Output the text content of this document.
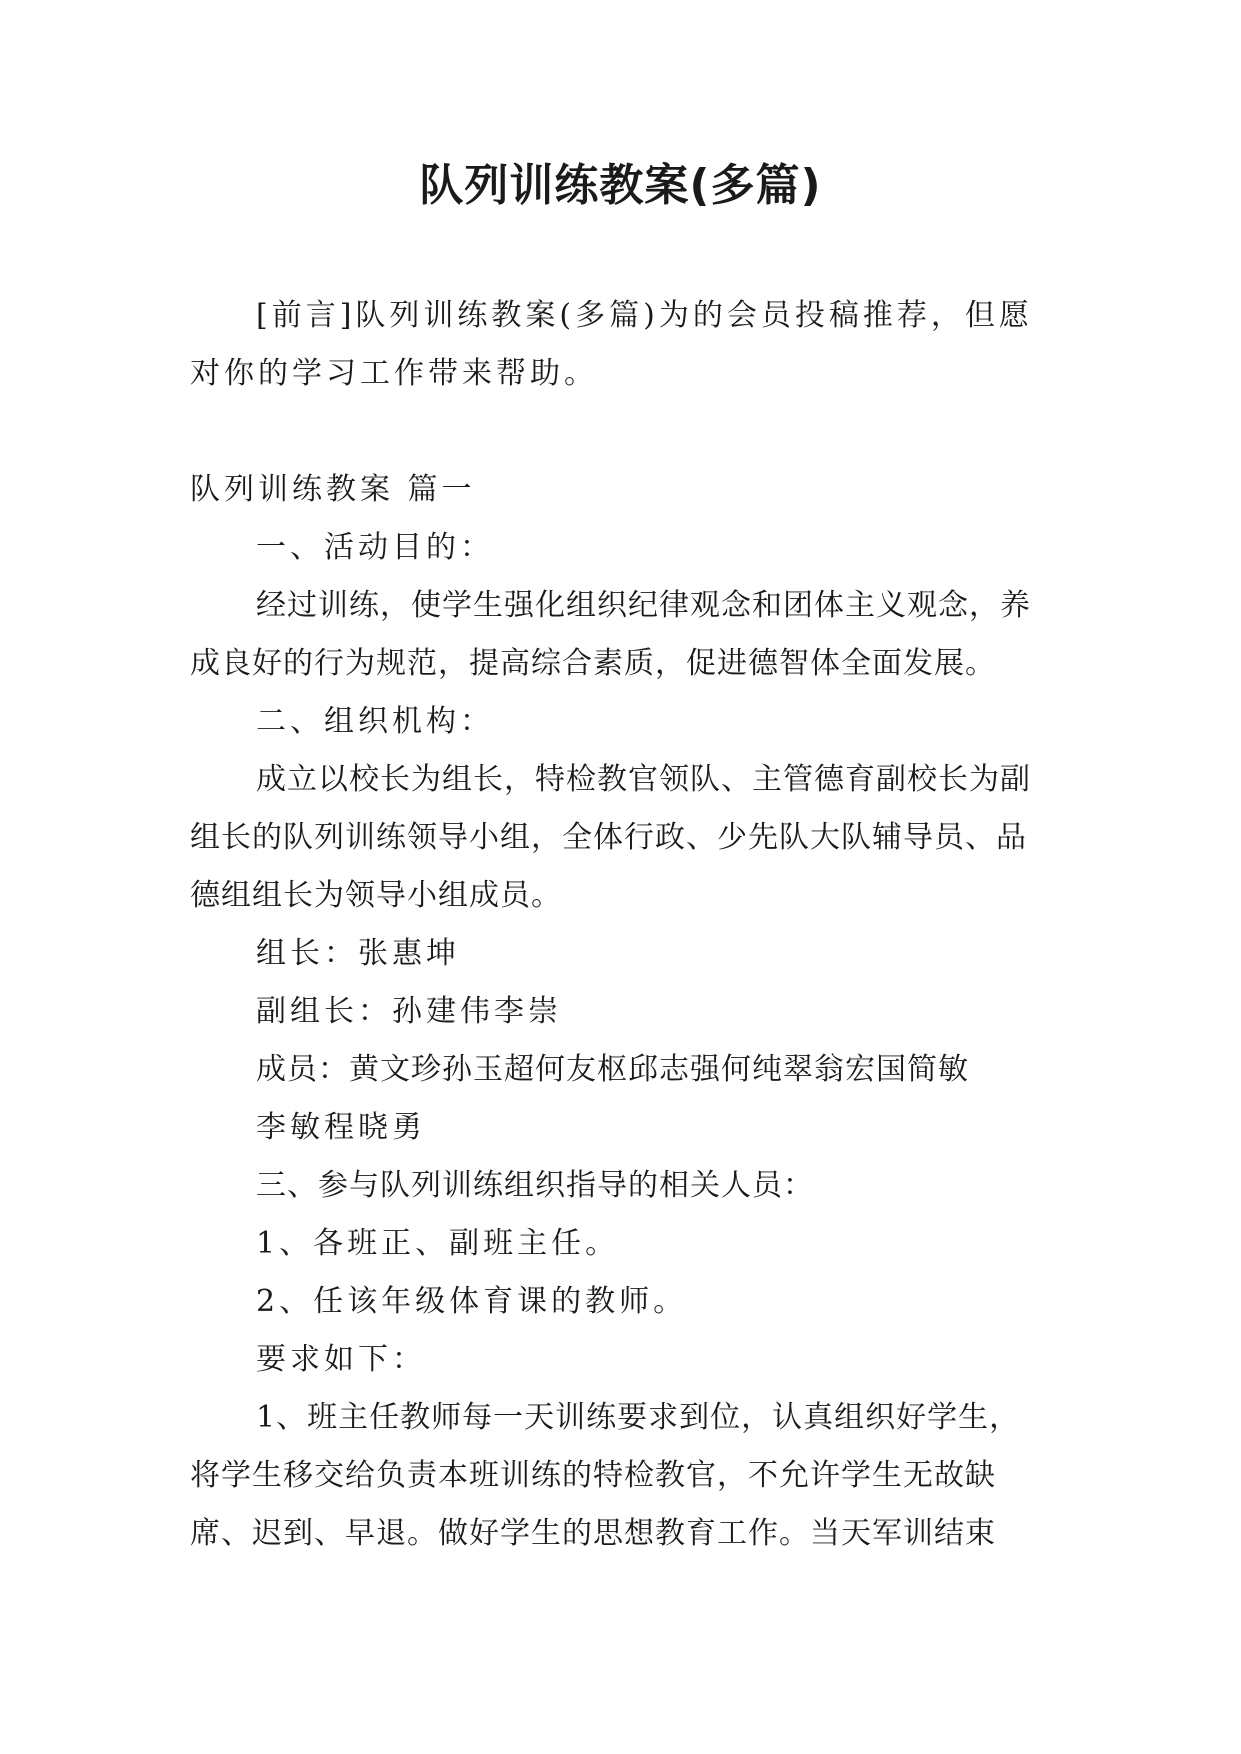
队列训练教案(多篇)

[前言]队列训练教案(多篇)为的会员投稿推荐，但愿对你的学习工作带来帮助。

队列训练教案 篇一

一、活动目的：

经过训练，使学生强化组织纪律观念和团体主义观念，养成良好的行为规范，提高综合素质，促进德智体全面发展。

二、组织机构：

成立以校长为组长，特检教官领队、主管德育副校长为副组长的队列训练领导小组，全体行政、少先队大队辅导员、品德组组长为领导小组成员。

组长：张惠坤

副组长：孙建伟李崇

成员：黄文珍孙玉超何友枢邱志强何纯翠翁宏国简敏

李敏程晓勇

三、参与队列训练组织指导的相关人员：

1、各班正、副班主任。

2、任该年级体育课的教师。

要求如下：

1、班主任教师每一天训练要求到位，认真组织好学生，将学生移交给负责本班训练的特检教官，不允许学生无故缺席、迟到、早退。做好学生的思想教育工作。当天军训结束
